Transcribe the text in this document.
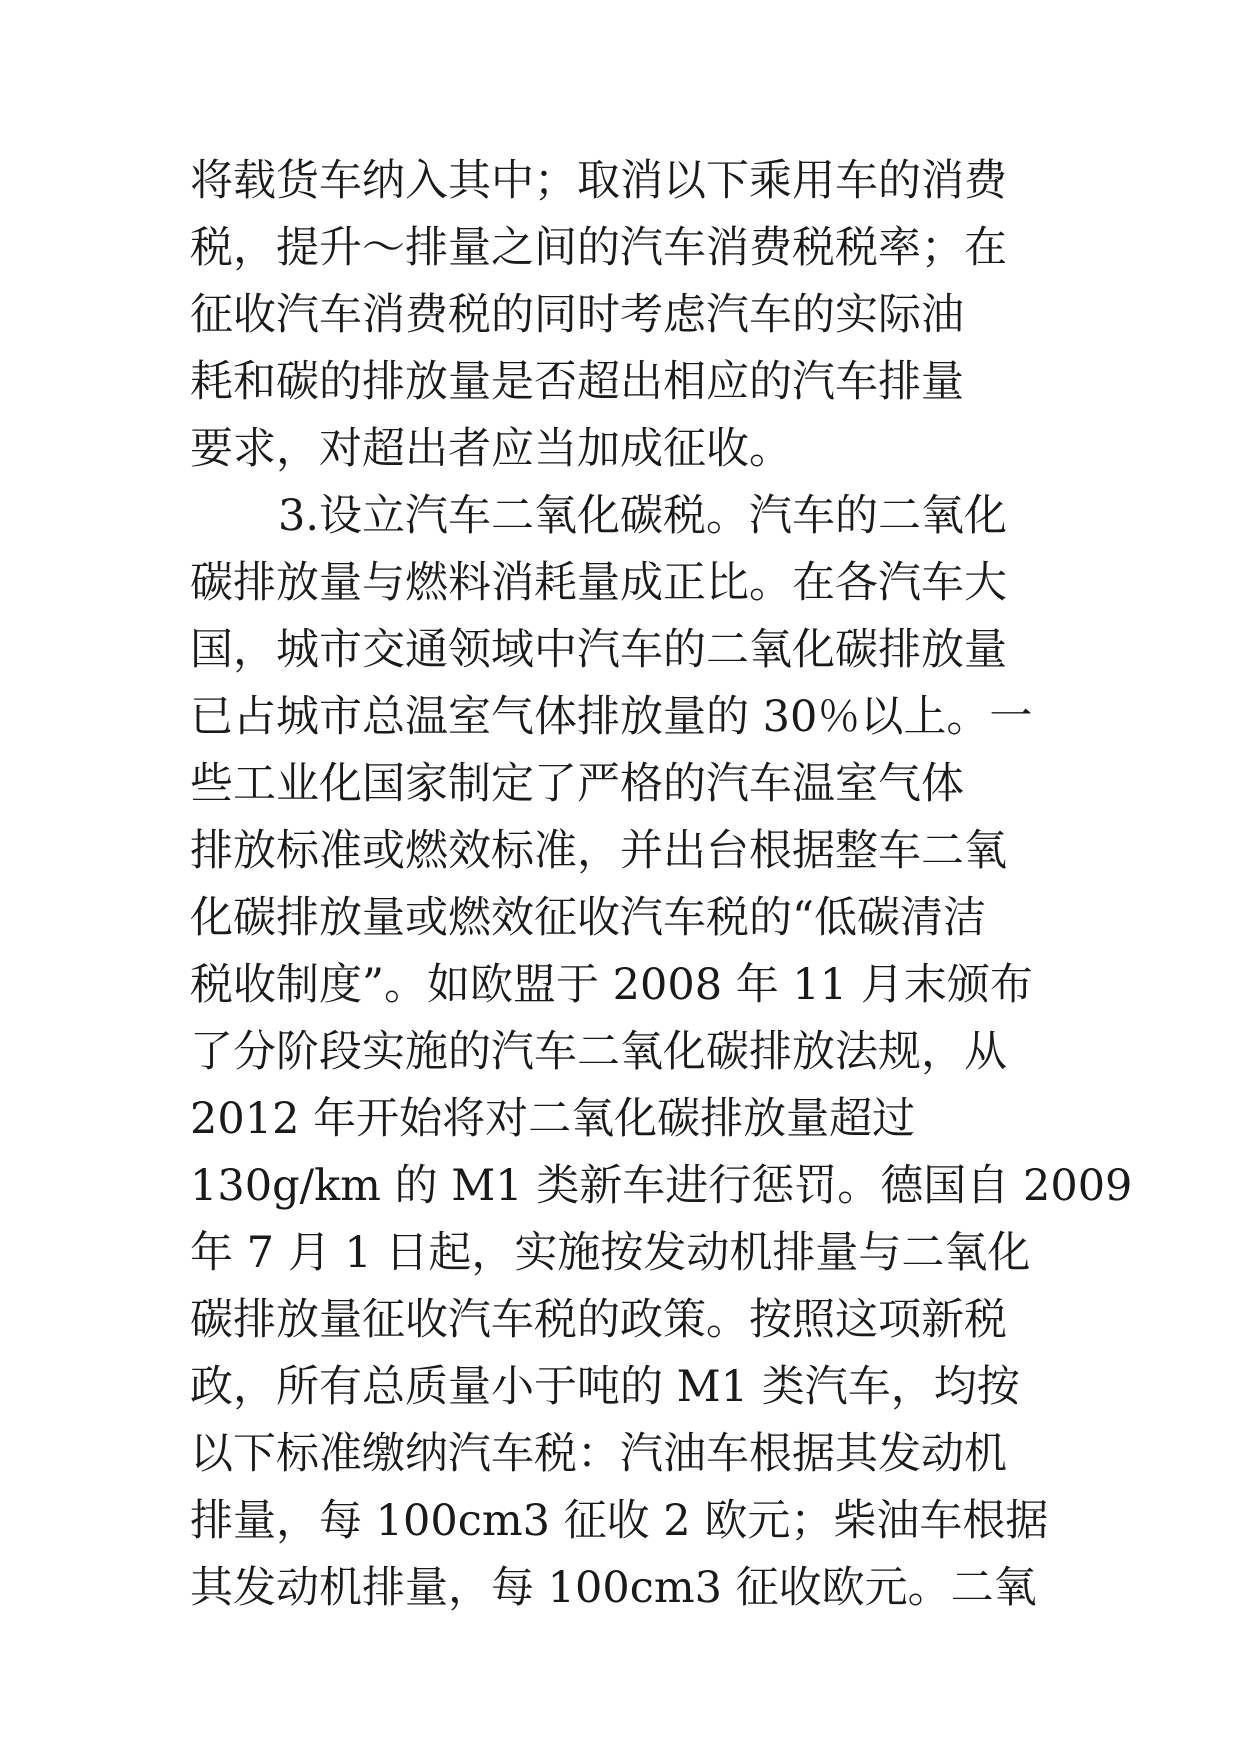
将载货车纳入其中；取消以下乘用车的消费

税，提升～排量之间的汽车消费税税率；在

征收汽车消费税的同时考虑汽车的实际油

耗和碳的排放量是否超出相应的汽车排量

要求，对超出者应当加成征收。

3.设立汽车二氧化碳税。汽车的二氧化

碳排放量与燃料消耗量成正比。在各汽车大

国，城市交通领域中汽车的二氧化碳排放量

已占城市总温室气体排放量的 30％以上。一

些工业化国家制定了严格的汽车温室气体

排放标准或燃效标准，并出台根据整车二氧

化碳排放量或燃效征收汽车税的“低碳清洁

税收制度”。如欧盟于 2008 年 11 月末颁布

了分阶段实施的汽车二氧化碳排放法规，从

2012 年开始将对二氧化碳排放量超过

130g/km 的 M1 类新车进行惩罚。德国自 2009

年 7 月 1 日起，实施按发动机排量与二氧化

碳排放量征收汽车税的政策。按照这项新税

政，所有总质量小于吨的 M1 类汽车，均按

以下标准缴纳汽车税：汽油车根据其发动机

排量，每 100cm3 征收 2 欧元；柴油车根据

其发动机排量，每 100cm3 征收欧元。二氧
